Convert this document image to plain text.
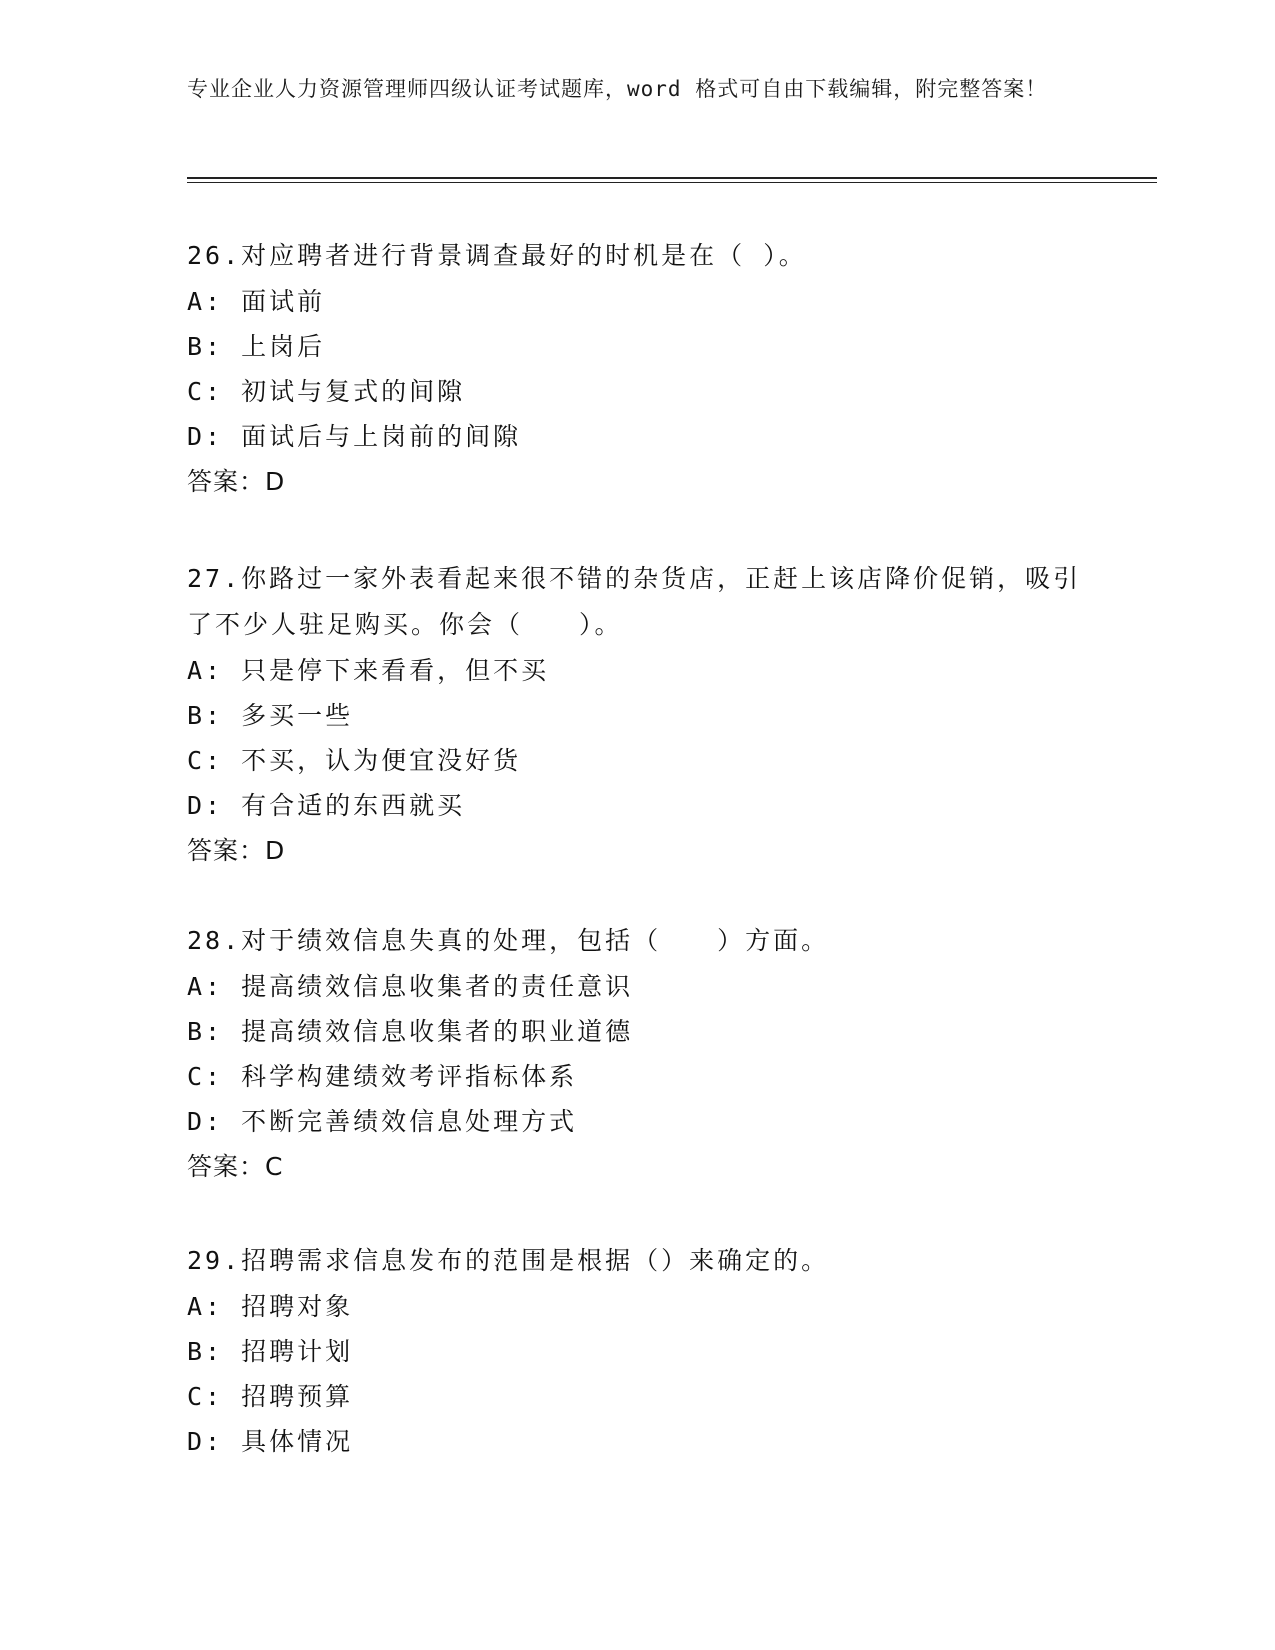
专业企业人力资源管理师四级认证考试题库，word 格式可自由下载编辑，附完整答案！

26.对应聘者进行背景调查最好的时机是在（ ）。

A: 面试前

B: 上岗后

C: 初试与复式的间隙

D: 面试后与上岗前的间隙

答案：D

27.你路过一家外表看起来很不错的杂货店，正赶上该店降价促销，吸引了不少人驻足购买。你会（　　）。

A: 只是停下来看看，但不买

B: 多买一些

C: 不买，认为便宜没好货

D: 有合适的东西就买

答案：D

28.对于绩效信息失真的处理，包括（　　）方面。

A: 提高绩效信息收集者的责任意识

B: 提高绩效信息收集者的职业道德

C: 科学构建绩效考评指标体系

D: 不断完善绩效信息处理方式

答案：C

29.招聘需求信息发布的范围是根据（）来确定的。

A: 招聘对象

B: 招聘计划

C: 招聘预算

D: 具体情况
